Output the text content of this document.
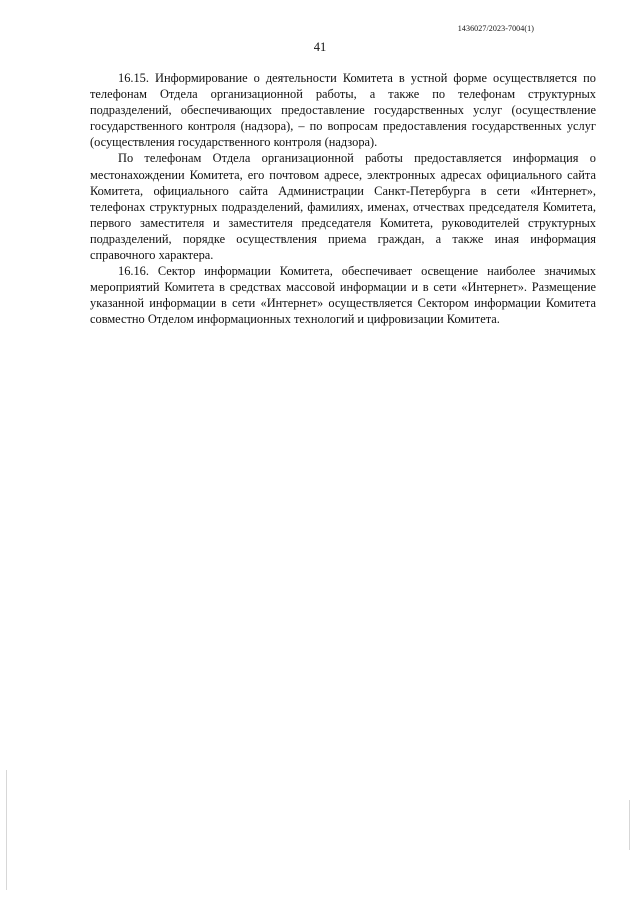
1436027/2023-7004(1)
41

16.15. Информирование о деятельности Комитета в устной форме осуществляется по телефонам Отдела организационной работы, а также по телефонам структурных подразделений, обеспечивающих предоставление государственных услуг (осуществление государственного контроля (надзора), – по вопросам предоставления государственных услуг (осуществления государственного контроля (надзора).

По телефонам Отдела организационной работы предоставляется информация о местонахождении Комитета, его почтовом адресе, электронных адресах официального сайта Комитета, официального сайта Администрации Санкт-Петербурга в сети «Интернет», телефонах структурных подразделений, фамилиях, именах, отчествах председателя Комитета, первого заместителя и заместителя председателя Комитета, руководителей структурных подразделений, порядке осуществления приема граждан, а также иная информация справочного характера.

16.16. Сектор информации Комитета, обеспечивает освещение наиболее значимых мероприятий Комитета в средствах массовой информации и в сети «Интернет». Размещение указанной информации в сети «Интернет» осуществляется Сектором информации Комитета совместно Отделом информационных технологий и цифровизации Комитета.
